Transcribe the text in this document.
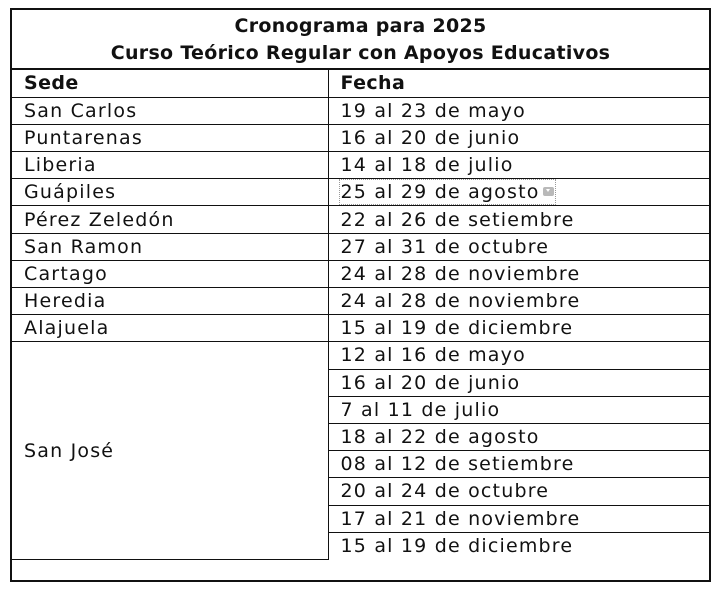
Cronograma para 2025
Curso Teórico Regular con Apoyos Educativos
Sede	Fecha
San Carlos	19 al 23 de mayo
Puntarenas	16 al 20 de junio
Liberia	14 al 18 de julio
Guápiles	25 al 29 de agosto
Pérez Zeledón	22 al 26 de setiembre
San Ramon	27 al 31 de octubre
Cartago	24 al 28 de noviembre
Heredia	24 al 28 de noviembre
Alajuela	15 al 19 de diciembre
San José	12 al 16 de mayo
	16 al 20 de junio
	7 al 11 de julio
	18 al 22 de agosto
	08 al 12 de setiembre
	20 al 24 de octubre
	17 al 21 de noviembre
	15 al 19 de diciembre
